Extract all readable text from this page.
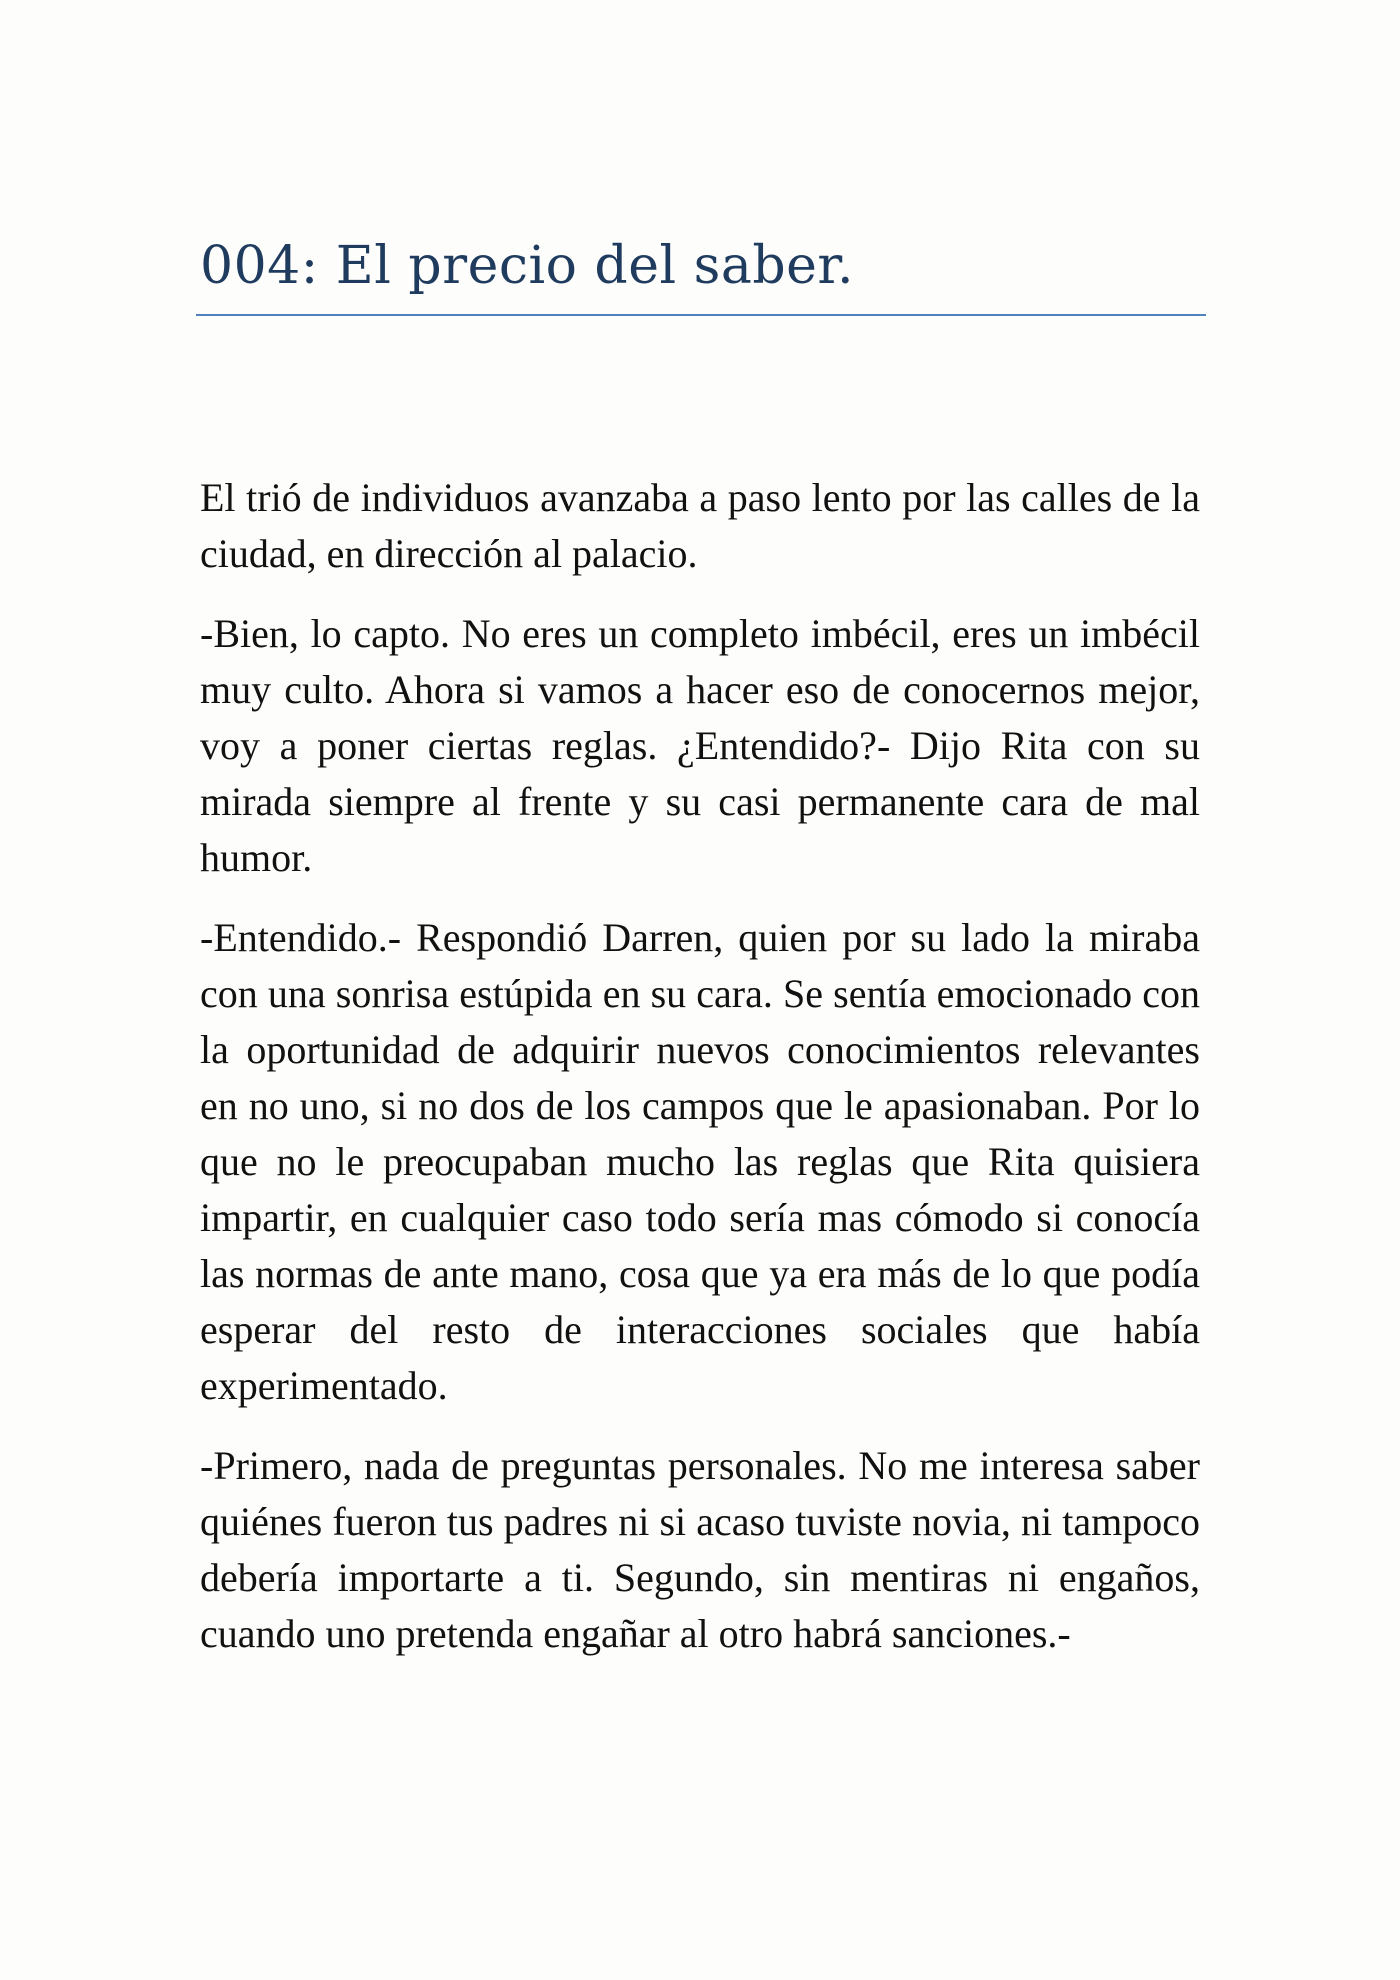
004: El precio del saber.

El trió de individuos avanzaba a paso lento por las calles de la ciudad, en dirección al palacio.

-Bien, lo capto. No eres un completo imbécil, eres un imbécil muy culto. Ahora si vamos a hacer eso de conocernos mejor, voy a poner ciertas reglas. ¿Entendido?- Dijo Rita con su mirada siempre al frente y su casi permanente cara de mal humor.

-Entendido.- Respondió Darren, quien por su lado la miraba con una sonrisa estúpida en su cara. Se sentía emocionado con la oportunidad de adquirir nuevos conocimientos relevantes en no uno, si no dos de los campos que le apasionaban. Por lo que no le preocupaban mucho las reglas que Rita quisiera impartir, en cualquier caso todo sería mas cómodo si conocía las normas de ante mano, cosa que ya era más de lo que podía esperar del resto de interacciones sociales que había experimentado.

-Primero, nada de preguntas personales. No me interesa saber quiénes fueron tus padres ni si acaso tuviste novia, ni tampoco debería importarte a ti. Segundo, sin mentiras ni engaños, cuando uno pretenda engañar al otro habrá sanciones.-
